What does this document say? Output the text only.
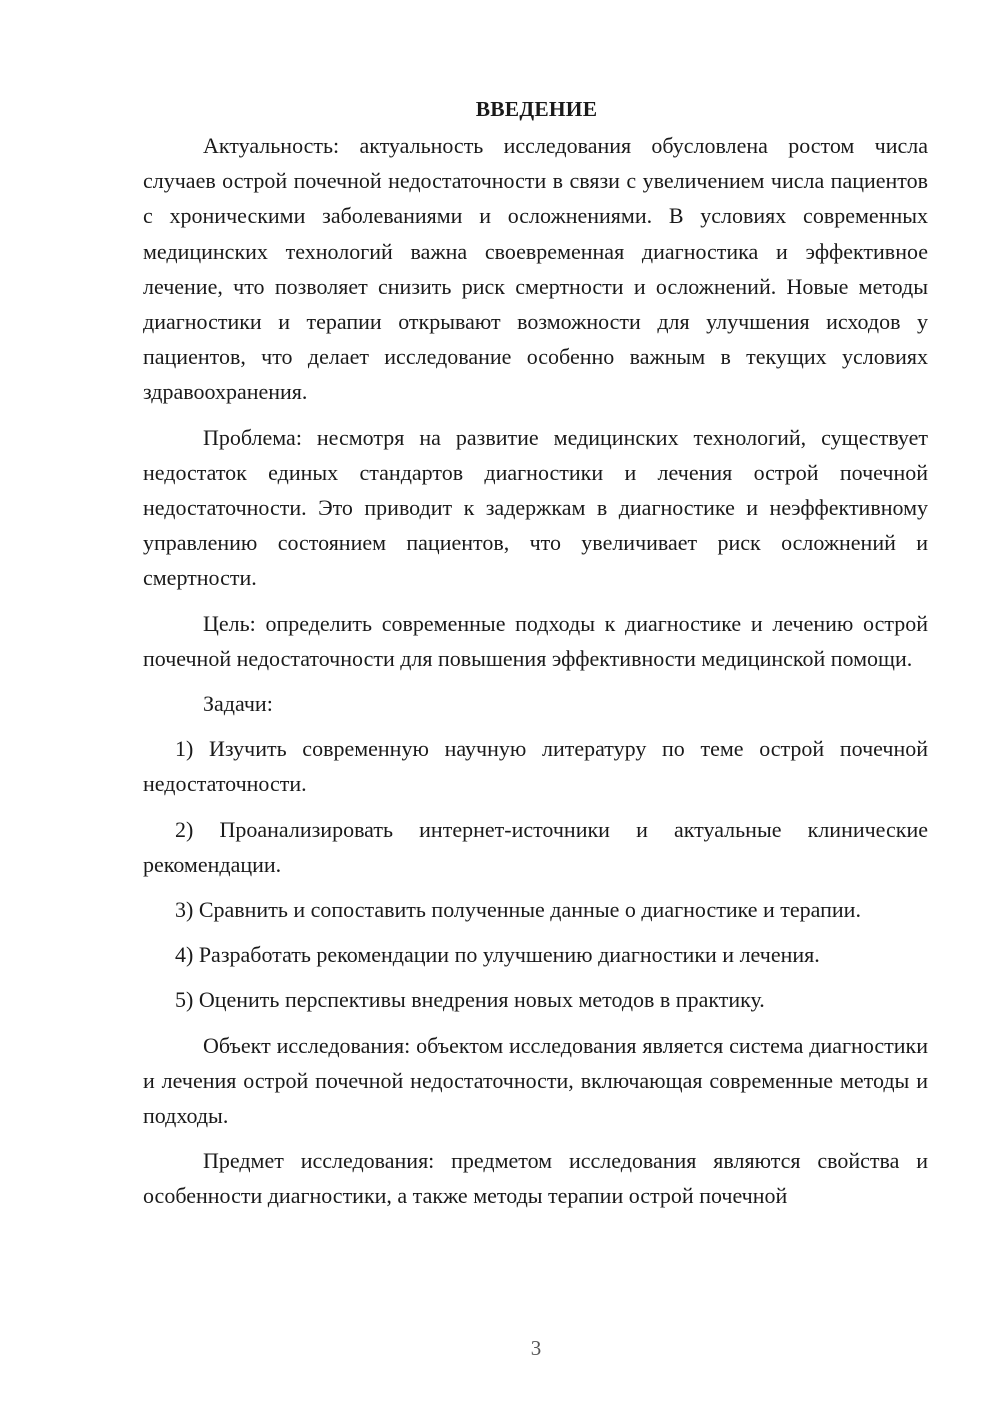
ВВЕДЕНИЕ

Актуальность: актуальность исследования обусловлена ростом числа случаев острой почечной недостаточности в связи с увеличением числа пациентов с хроническими заболеваниями и осложнениями. В условиях современных медицинских технологий важна своевременная диагностика и эффективное лечение, что позволяет снизить риск смертности и осложнений. Новые методы диагностики и терапии открывают возможности для улучшения исходов у пациентов, что делает исследование особенно важным в текущих условиях здравоохранения.

Проблема: несмотря на развитие медицинских технологий, существует недостаток единых стандартов диагностики и лечения острой почечной недостаточности. Это приводит к задержкам в диагностике и неэффективному управлению состоянием пациентов, что увеличивает риск осложнений и смертности.

Цель: определить современные подходы к диагностике и лечению острой почечной недостаточности для повышения эффективности медицинской помощи.

Задачи:

1) Изучить современную научную литературу по теме острой почечной недостаточности.

2) Проанализировать интернет-источники и актуальные клинические рекомендации.

3) Сравнить и сопоставить полученные данные о диагностике и терапии.

4) Разработать рекомендации по улучшению диагностики и лечения.

5) Оценить перспективы внедрения новых методов в практику.

Объект исследования: объектом исследования является система диагностики и лечения острой почечной недостаточности, включающая современные методы и подходы.

Предмет исследования: предметом исследования являются свойства и особенности диагностики, а также методы терапии острой почечной

3
